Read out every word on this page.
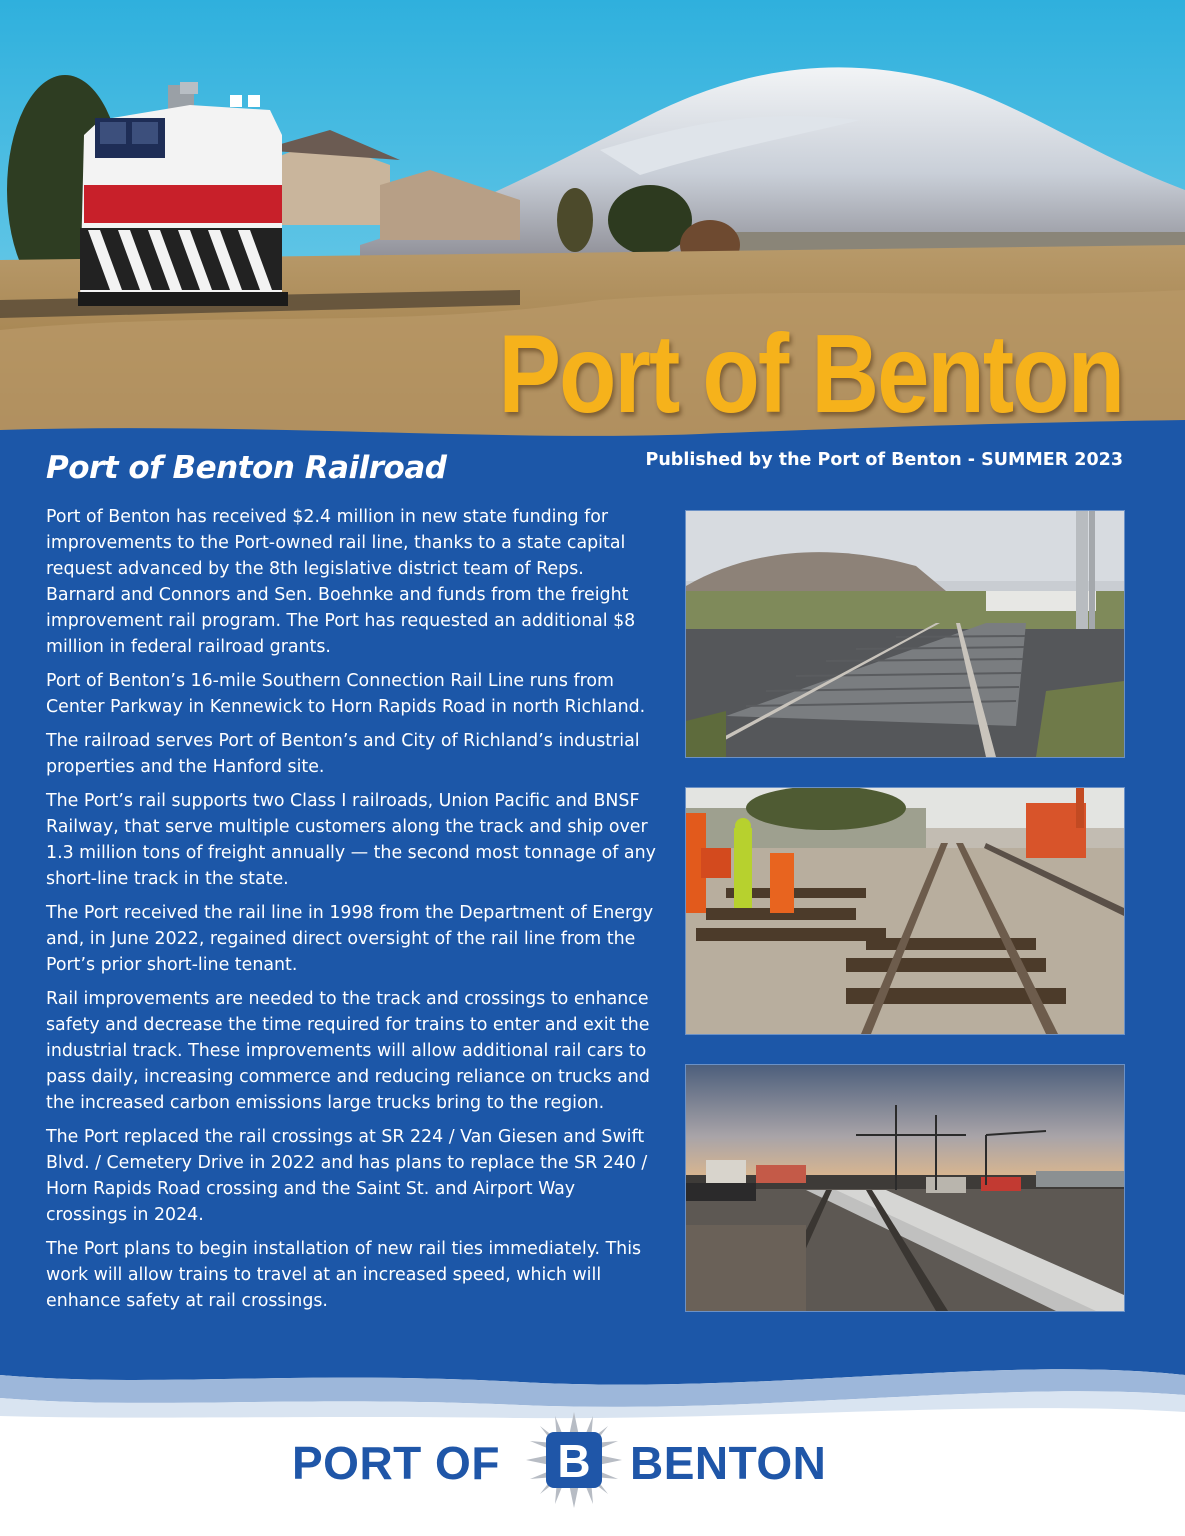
Port of Benton
Port of Benton Railroad	Published by the Port of Benton - SUMMER 2023

Port of Benton has received $2.4 million in new state funding for improvements to the Port-owned rail line, thanks to a state capital request advanced by the 8th legislative district team of Reps. Barnard and Connors and Sen. Boehnke and funds from the freight improvement rail program. The Port has requested an additional $8 million in federal railroad grants.

Port of Benton’s 16-mile Southern Connection Rail Line runs from Center Parkway in Kennewick to Horn Rapids Road in north Richland.

The railroad serves Port of Benton’s and City of Richland’s industrial properties and the Hanford site.

The Port’s rail supports two Class I railroads, Union Pacific and BNSF Railway, that serve multiple customers along the track and ship over 1.3 million tons of freight annually — the second most tonnage of any short-line track in the state.

The Port received the rail line in 1998 from the Department of Energy and, in June 2022, regained direct oversight of the rail line from the Port’s prior short-line tenant.

Rail improvements are needed to the track and crossings to enhance safety and decrease the time required for trains to enter and exit the industrial track. These improvements will allow additional rail cars to pass daily, increasing commerce and reducing reliance on trucks and the increased carbon emissions large trucks bring to the region.

The Port replaced the rail crossings at SR 224 / Van Giesen and Swift Blvd. / Cemetery Drive in 2022 and has plans to replace the SR 240 / Horn Rapids Road crossing and the Saint St. and Airport Way crossings in 2024.

The Port plans to begin installation of new rail ties immediately. This work will allow trains to travel at an increased speed, which will enhance safety at rail crossings.

PORT OF B BENTON
